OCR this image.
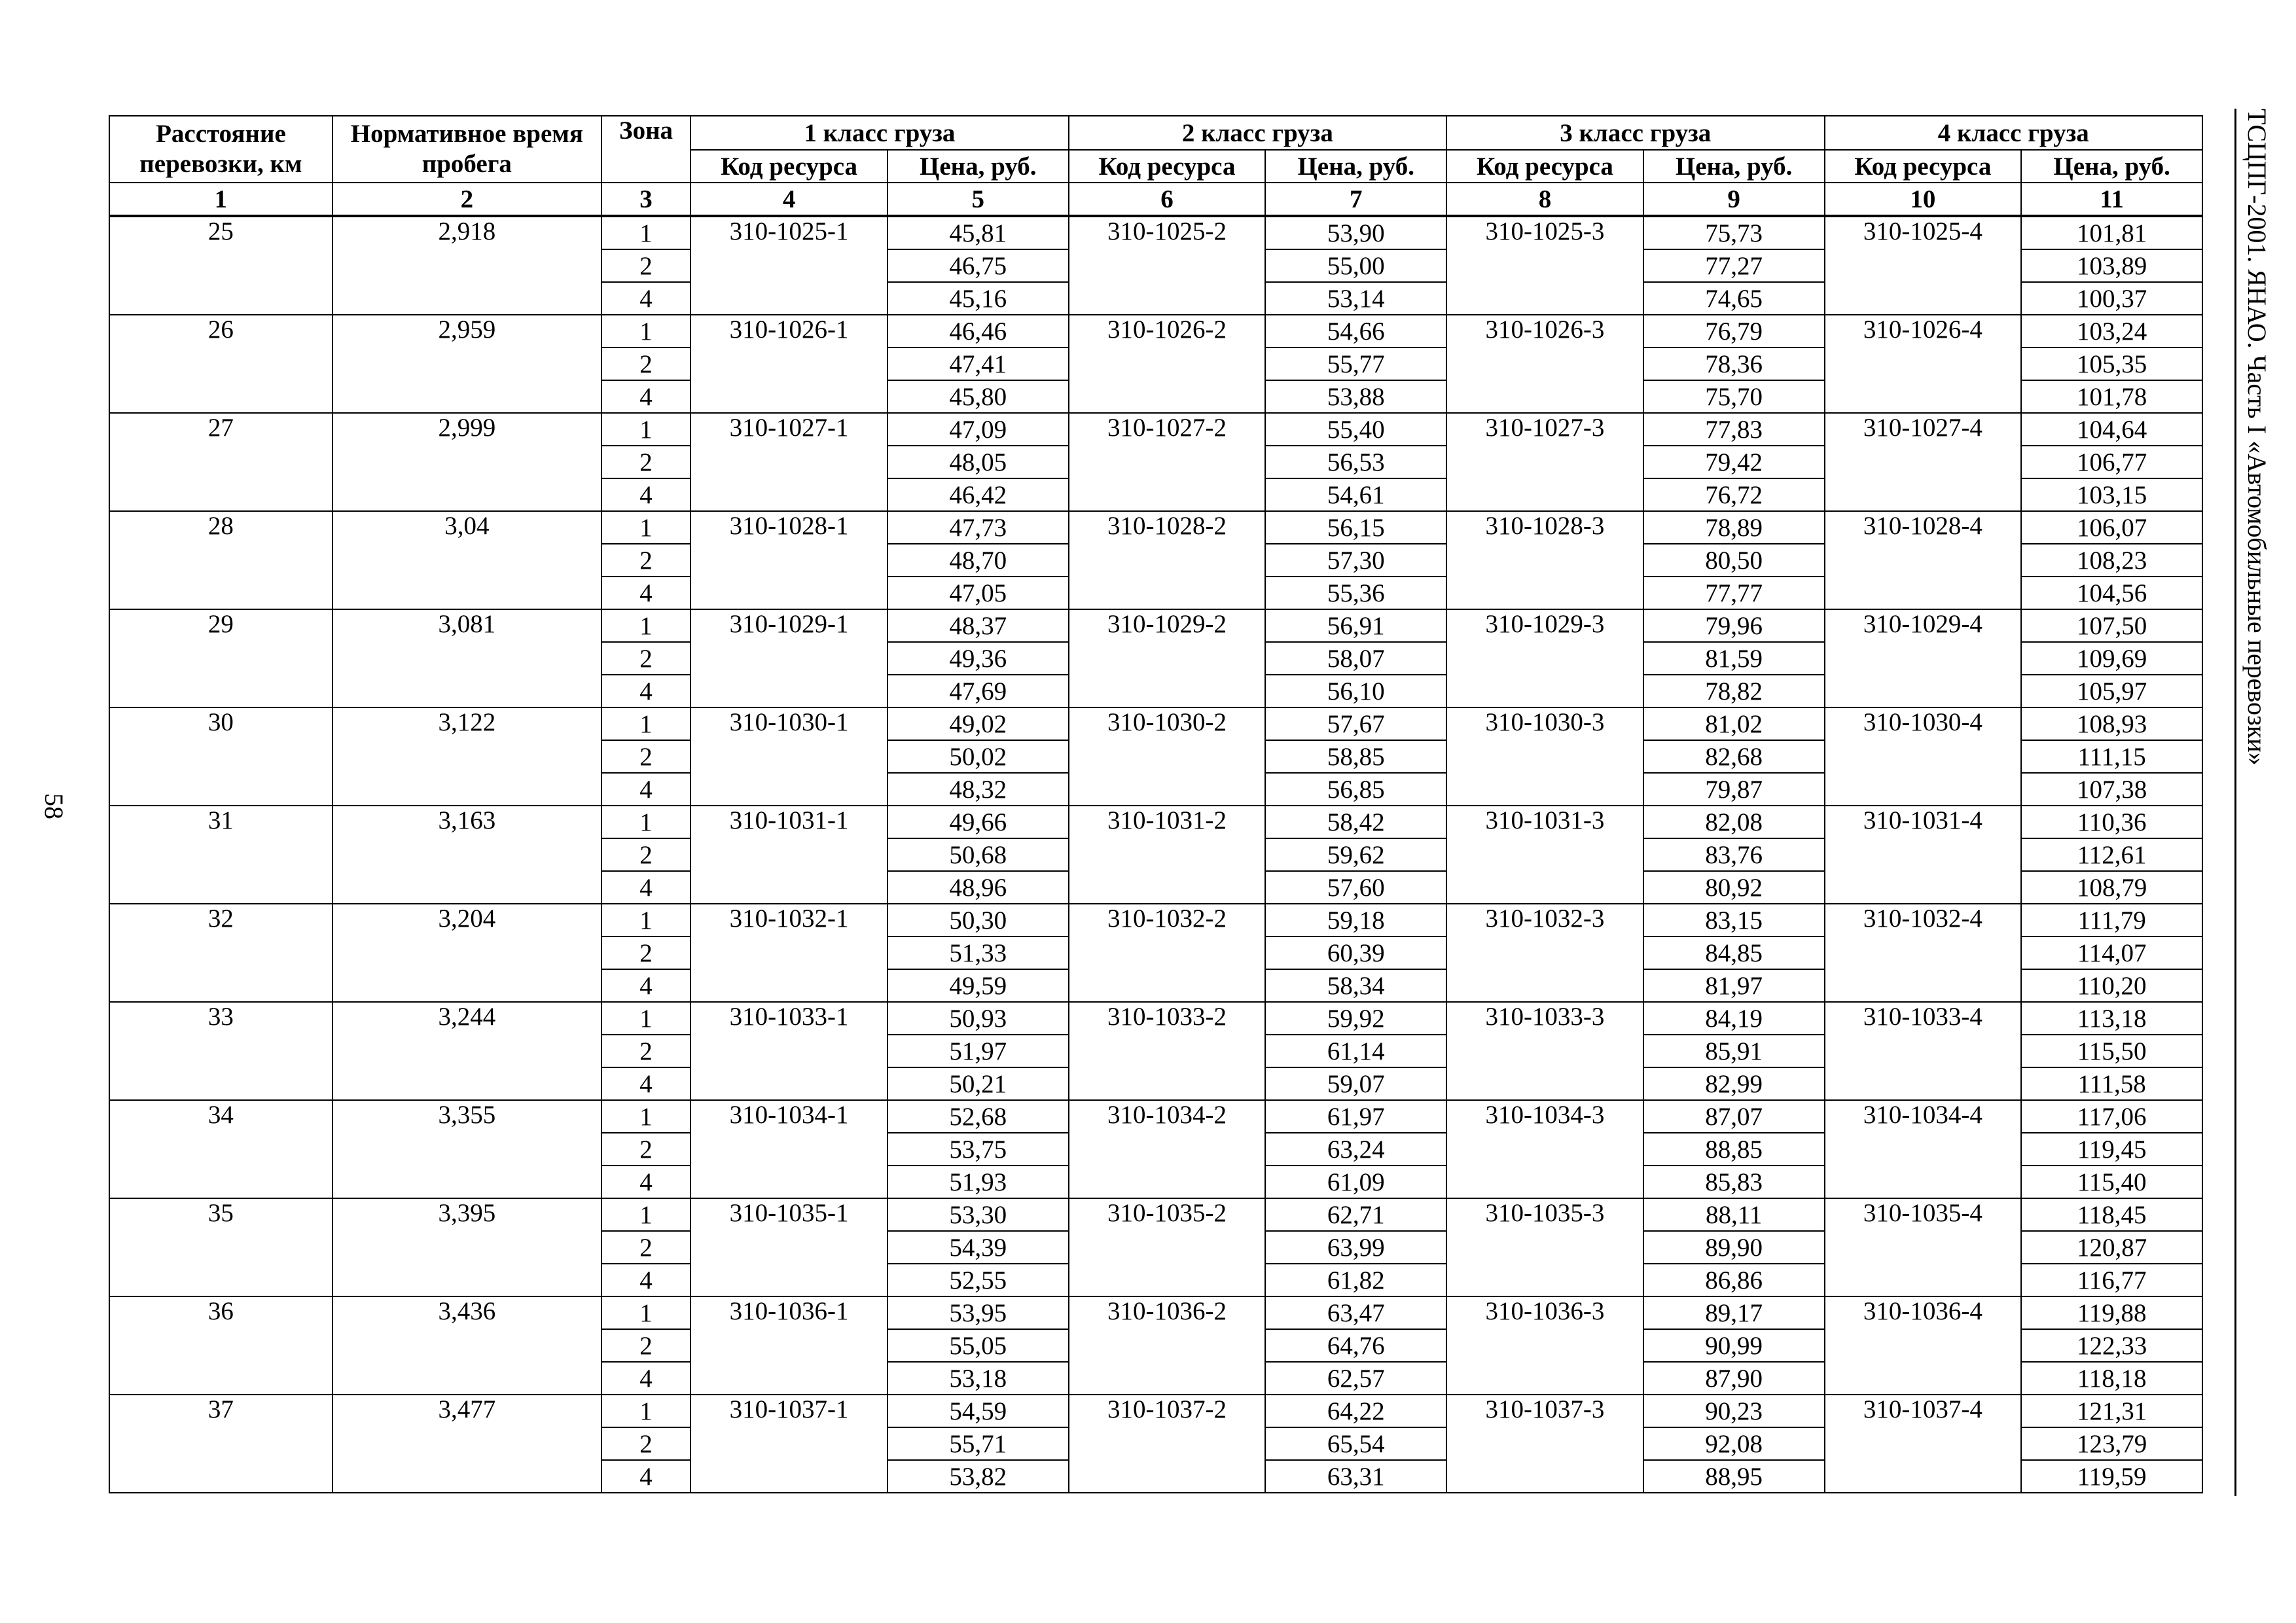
ТСЦПГ-2001. ЯНАО. Часть I «Автомобильные перевозки»
58
Расстояние перевозки, км	Нормативное время пробега	Зона	1 класс груза		2 класс груза		3 класс груза		4 класс груза	
			Код ресурса	Цена, руб.	Код ресурса	Цена, руб.	Код ресурса	Цена, руб.	Код ресурса	Цена, руб.
1	2	3	4	5	6	7	8	9	10	11
25	2,918	1	310-1025-1	45,81	310-1025-2	53,90	310-1025-3	75,73	310-1025-4	101,81
		2		46,75		55,00		77,27		103,89
		4		45,16		53,14		74,65		100,37
26	2,959	1	310-1026-1	46,46	310-1026-2	54,66	310-1026-3	76,79	310-1026-4	103,24
		2		47,41		55,77		78,36		105,35
		4		45,80		53,88		75,70		101,78
27	2,999	1	310-1027-1	47,09	310-1027-2	55,40	310-1027-3	77,83	310-1027-4	104,64
		2		48,05		56,53		79,42		106,77
		4		46,42		54,61		76,72		103,15
28	3,04	1	310-1028-1	47,73	310-1028-2	56,15	310-1028-3	78,89	310-1028-4	106,07
		2		48,70		57,30		80,50		108,23
		4		47,05		55,36		77,77		104,56
29	3,081	1	310-1029-1	48,37	310-1029-2	56,91	310-1029-3	79,96	310-1029-4	107,50
		2		49,36		58,07		81,59		109,69
		4		47,69		56,10		78,82		105,97
30	3,122	1	310-1030-1	49,02	310-1030-2	57,67	310-1030-3	81,02	310-1030-4	108,93
		2		50,02		58,85		82,68		111,15
		4		48,32		56,85		79,87		107,38
31	3,163	1	310-1031-1	49,66	310-1031-2	58,42	310-1031-3	82,08	310-1031-4	110,36
		2		50,68		59,62		83,76		112,61
		4		48,96		57,60		80,92		108,79
32	3,204	1	310-1032-1	50,30	310-1032-2	59,18	310-1032-3	83,15	310-1032-4	111,79
		2		51,33		60,39		84,85		114,07
		4		49,59		58,34		81,97		110,20
33	3,244	1	310-1033-1	50,93	310-1033-2	59,92	310-1033-3	84,19	310-1033-4	113,18
		2		51,97		61,14		85,91		115,50
		4		50,21		59,07		82,99		111,58
34	3,355	1	310-1034-1	52,68	310-1034-2	61,97	310-1034-3	87,07	310-1034-4	117,06
		2		53,75		63,24		88,85		119,45
		4		51,93		61,09		85,83		115,40
35	3,395	1	310-1035-1	53,30	310-1035-2	62,71	310-1035-3	88,11	310-1035-4	118,45
		2		54,39		63,99		89,90		120,87
		4		52,55		61,82		86,86		116,77
36	3,436	1	310-1036-1	53,95	310-1036-2	63,47	310-1036-3	89,17	310-1036-4	119,88
		2		55,05		64,76		90,99		122,33
		4		53,18		62,57		87,90		118,18
37	3,477	1	310-1037-1	54,59	310-1037-2	64,22	310-1037-3	90,23	310-1037-4	121,31
		2		55,71		65,54		92,08		123,79
		4		53,82		63,31		88,95		119,59
